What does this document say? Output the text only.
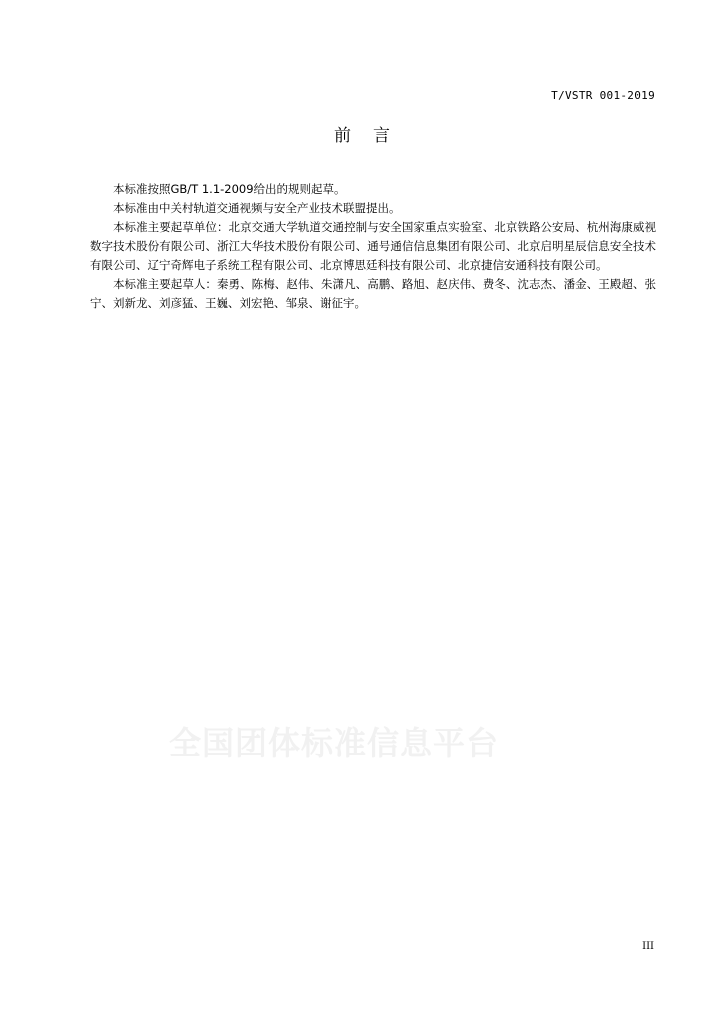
T/VSTR 001-2019
前言

本标准按照GB/T 1.1-2009给出的规则起草。

本标准由中关村轨道交通视频与安全产业技术联盟提出。

本标准主要起草单位：北京交通大学轨道交通控制与安全国家重点实验室、北京铁路公安局、杭州海康威视数字技术股份有限公司、浙江大华技术股份有限公司、通号通信信息集团有限公司、北京启明星辰信息安全技术有限公司、辽宁奇辉电子系统工程有限公司、北京博思廷科技有限公司、北京捷信安通科技有限公司。

本标准主要起草人：秦勇、陈梅、赵伟、朱潇凡、高鹏、路旭、赵庆伟、费冬、沈志杰、潘金、王殿超、张宁、刘新龙、刘彦猛、王巍、刘宏艳、邹泉、谢征宇。

全国团体标准信息平台
III
